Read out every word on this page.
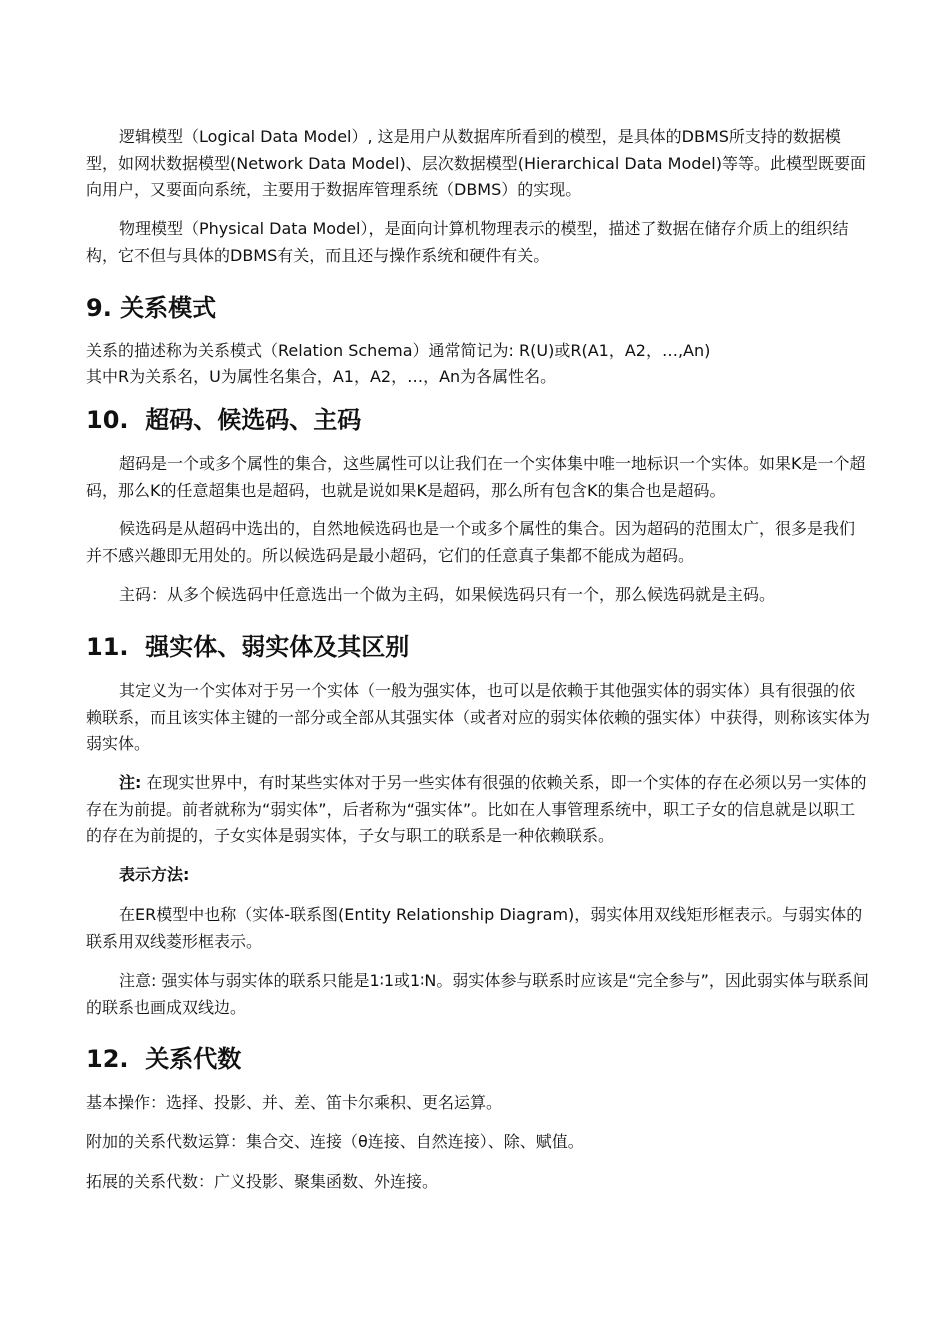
逻辑模型（Logical Data Model）, 这是用户从数据库所看到的模型，是具体的DBMS所支持的数据模型，如网状数据模型(Network Data Model)、层次数据模型(Hierarchical Data Model)等等。此模型既要面向用户，又要面向系统，主要用于数据库管理系统（DBMS）的实现。

物理模型（Physical Data Model），是面向计算机物理表示的模型，描述了数据在储存介质上的组织结构，它不但与具体的DBMS有关，而且还与操作系统和硬件有关。

9. 关系模式

关系的描述称为关系模式（Relation Schema）通常简记为: R(U)或R(A1，A2，…,An)

其中R为关系名，U为属性名集合，A1，A2，…，An为各属性名。

10.  超码、候选码、主码

超码是一个或多个属性的集合，这些属性可以让我们在一个实体集中唯一地标识一个实体。如果K是一个超码，那么K的任意超集也是超码，也就是说如果K是超码，那么所有包含K的集合也是超码。

候选码是从超码中选出的，自然地候选码也是一个或多个属性的集合。因为超码的范围太广，很多是我们并不感兴趣即无用处的。所以候选码是最小超码，它们的任意真子集都不能成为超码。

主码：从多个候选码中任意选出一个做为主码，如果候选码只有一个，那么候选码就是主码。

11.  强实体、弱实体及其区别

其定义为一个实体对于另一个实体（一般为强实体，也可以是依赖于其他强实体的弱实体）具有很强的依赖联系，而且该实体主键的一部分或全部从其强实体（或者对应的弱实体依赖的强实体）中获得，则称该实体为弱实体。

注: 在现实世界中，有时某些实体对于另一些实体有很强的依赖关系，即一个实体的存在必须以另一实体的存在为前提。前者就称为“弱实体”，后者称为“强实体”。比如在人事管理系统中，职工子女的信息就是以职工的存在为前提的，子女实体是弱实体，子女与职工的联系是一种依赖联系。

表示方法:

在ER模型中也称（实体-联系图(Entity Relationship Diagram)，弱实体用双线矩形框表示。与弱实体的联系用双线菱形框表示。

注意: 强实体与弱实体的联系只能是1∶1或1∶N。弱实体参与联系时应该是“完全参与”，因此弱实体与联系间的联系也画成双线边。

12.  关系代数

基本操作：选择、投影、并、差、笛卡尔乘积、更名运算。

附加的关系代数运算：集合交、连接（θ连接、自然连接）、除、赋值。

拓展的关系代数：广义投影、聚集函数、外连接。
